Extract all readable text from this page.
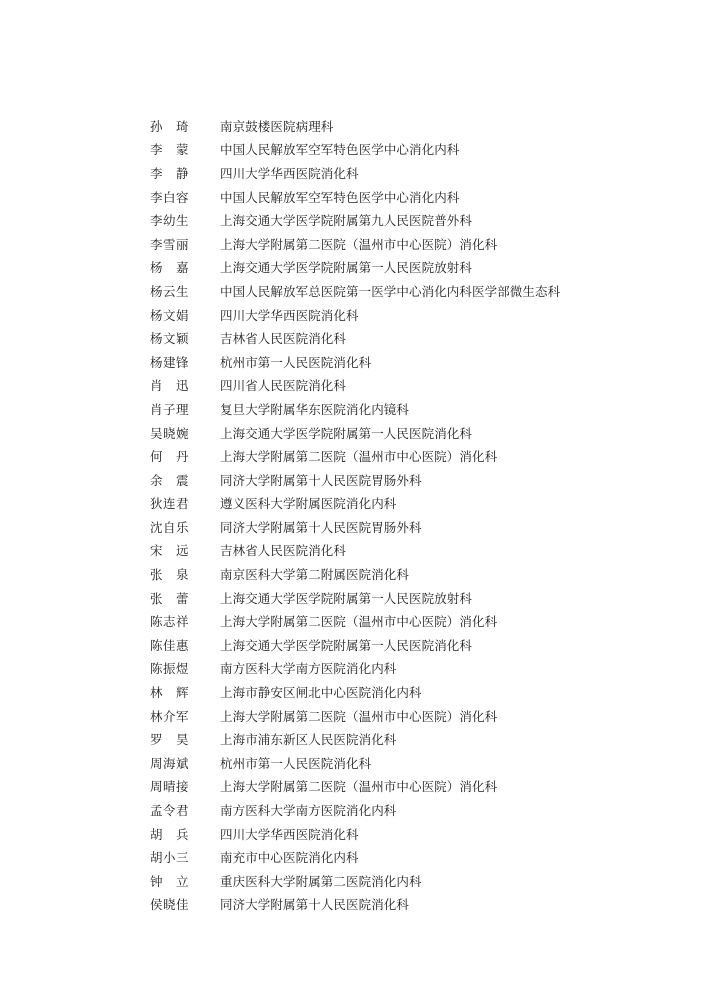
孙　琦	南京鼓楼医院病理科
李　蒙	中国人民解放军空军特色医学中心消化内科
李　静	四川大学华西医院消化科
李白容	中国人民解放军空军特色医学中心消化内科
李幼生	上海交通大学医学院附属第九人民医院普外科
李雪丽	上海大学附属第二医院（温州市中心医院）消化科
杨　嘉	上海交通大学医学院附属第一人民医院放射科
杨云生	中国人民解放军总医院第一医学中心消化内科医学部微生态科
杨文娟	四川大学华西医院消化科
杨文颖	吉林省人民医院消化科
杨建锋	杭州市第一人民医院消化科
肖　迅	四川省人民医院消化科
肖子理	复旦大学附属华东医院消化内镜科
吴晓婉	上海交通大学医学院附属第一人民医院消化科
何　丹	上海大学附属第二医院（温州市中心医院）消化科
余　震	同济大学附属第十人民医院胃肠外科
狄连君	遵义医科大学附属医院消化内科
沈自乐	同济大学附属第十人民医院胃肠外科
宋　远	吉林省人民医院消化科
张　泉	南京医科大学第二附属医院消化科
张　蕾	上海交通大学医学院附属第一人民医院放射科
陈志祥	上海大学附属第二医院（温州市中心医院）消化科
陈佳惠	上海交通大学医学院附属第一人民医院消化科
陈振煜	南方医科大学南方医院消化内科
林　辉	上海市静安区闸北中心医院消化内科
林介军	上海大学附属第二医院（温州市中心医院）消化科
罗　昊	上海市浦东新区人民医院消化科
周海斌	杭州市第一人民医院消化科
周晴接	上海大学附属第二医院（温州市中心医院）消化科
孟令君	南方医科大学南方医院消化内科
胡　兵	四川大学华西医院消化科
胡小三	南充市中心医院消化内科
钟　立	重庆医科大学附属第二医院消化内科
侯晓佳	同济大学附属第十人民医院消化科
